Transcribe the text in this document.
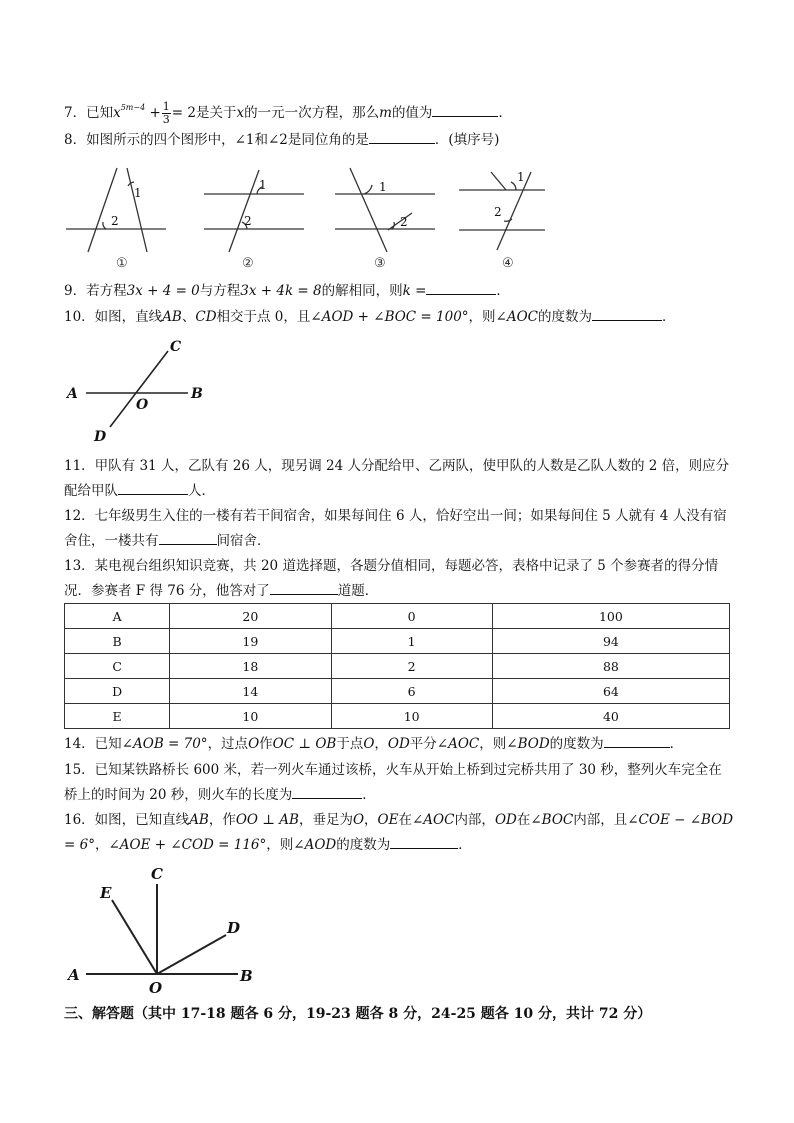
7．已知$x^{5m-4} + \frac{1}{3} = 2$是关于x的一元一次方程，那么m的值为	．
8．如图所示的四个图形中，∠1和∠2是同位角的是	．(填序号)
1
2
1
2
1
2
1
2
①	②	③	④
9．若方程3x + 4 = 0与方程3x + 4k = 8的解相同，则k =	．
10．如图，直线AB、CD相交于点 0，且∠AOD + ∠BOC = 100°，则∠AOC的度数为	．
A	B
C
D
O
11．甲队有 31 人，乙队有 26 人，现另调 24 人分配给甲、乙两队，使甲队的人数是乙队人数的 2 倍，则应分配给甲队	人．
12．七年级男生入住的一楼有若干间宿舍，如果每间住 6 人，恰好空出一间；如果每间住 5 人就有 4 人没有宿舍住，一楼共有	间宿舍．
13．某电视台组织知识竞赛，共 20 道选择题，各题分值相同，每题必答，表格中记录了 5 个参赛者的得分情况．参赛者 F 得 76 分，他答对了	道题．
A	20	0	100
B	19	1	94
C	18	2	88
D	14	6	64
E	10	10	40
14．已知∠AOB = 70°，过点O作OC ⊥ OB于点O，OD平分∠AOC，则∠BOD的度数为	．
15．已知某铁路桥长 600 米，若一列火车通过该桥，火车从开始上桥到过完桥共用了 30 秒，整列火车完全在桥上的时间为 20 秒，则火车的长度为	．
16．如图，已知直线AB，作OO ⊥ AB，垂足为O，OE在∠AOC内部，OD在∠BOC内部，且∠COE − ∠BOD = 6°，∠AOE + ∠COD = 116°，则∠AOD的度数为	．
A	B
C
D
E
O
三、解答题（其中 17-18 题各 6 分，19-23 题各 8 分，24-25 题各 10 分，共计 72 分）
